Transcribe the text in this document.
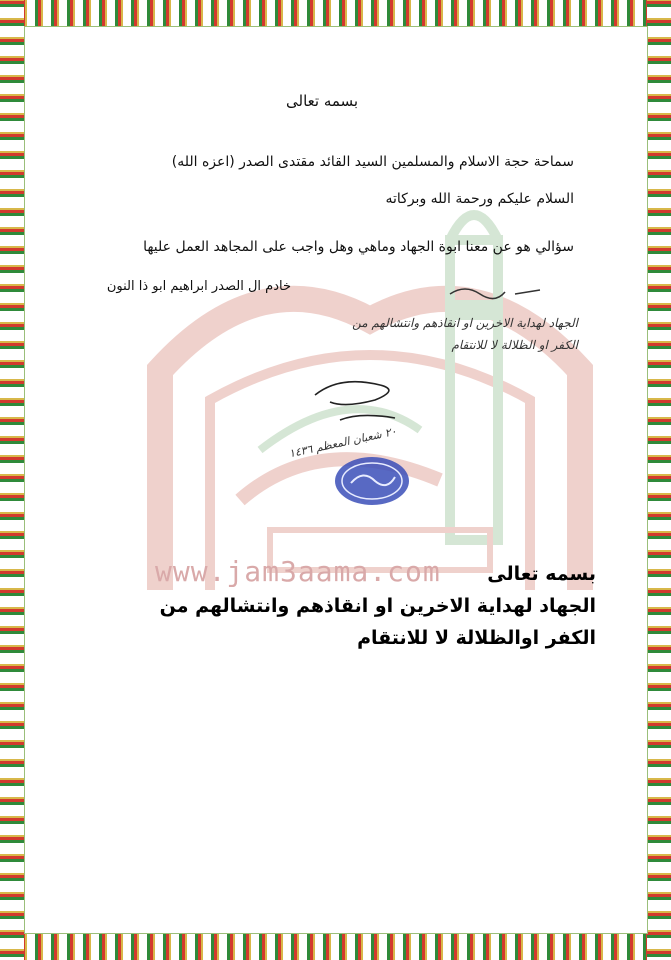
www.jam3aama.com
بسمه تعالى
سماحة حجة الاسلام والمسلمين السيد القائد مقتدى الصدر (اعزه الله)
السلام عليكم ورحمة الله وبركاته
سؤالي هو عن معنا ابوة الجهاد وماهي وهل واجب على المجاهد العمل عليها
خادم ال الصدر ابراهيم ابو ذا النون
الجهاد لهداية الاخرين او انقاذهم وانتشالهم من
الكفر او الظلالة لا للانتقام
٢٠ شعبان المعظم ١٤٣٦
بسمه تعالى
الجهاد لهداية الاخرين او انقاذهم وانتشالهم من
الكفر اوالظلالة لا للانتقام
